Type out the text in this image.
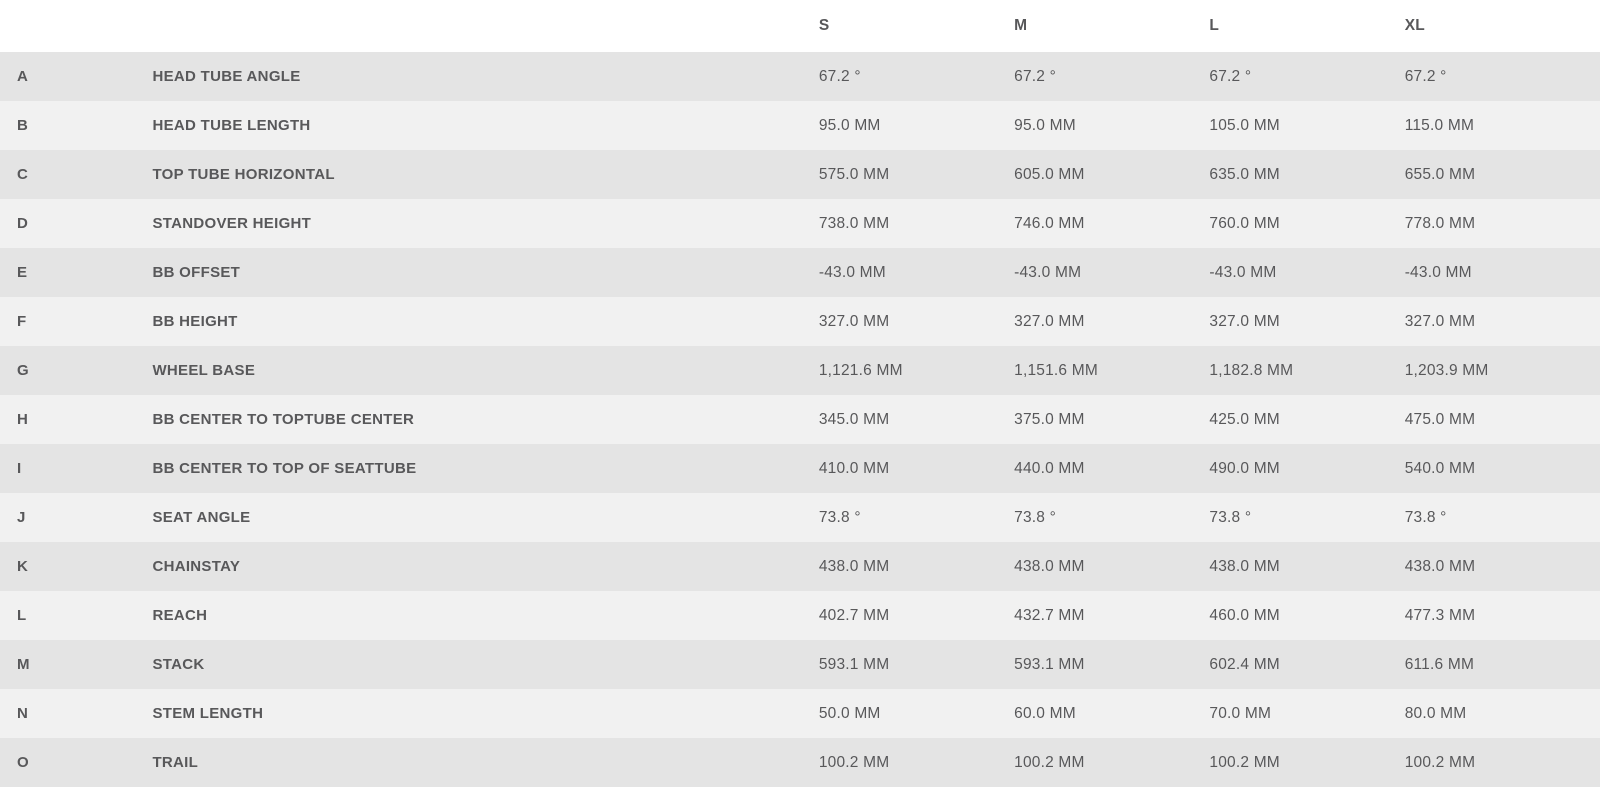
		S	M	L	XL
A	HEAD TUBE ANGLE	67.2 °	67.2 °	67.2 °	67.2 °
B	HEAD TUBE LENGTH	95.0 MM	95.0 MM	105.0 MM	115.0 MM
C	TOP TUBE HORIZONTAL	575.0 MM	605.0 MM	635.0 MM	655.0 MM
D	STANDOVER HEIGHT	738.0 MM	746.0 MM	760.0 MM	778.0 MM
E	BB OFFSET	-43.0 MM	-43.0 MM	-43.0 MM	-43.0 MM
F	BB HEIGHT	327.0 MM	327.0 MM	327.0 MM	327.0 MM
G	WHEEL BASE	1,121.6 MM	1,151.6 MM	1,182.8 MM	1,203.9 MM
H	BB CENTER TO TOPTUBE CENTER	345.0 MM	375.0 MM	425.0 MM	475.0 MM
I	BB CENTER TO TOP OF SEATTUBE	410.0 MM	440.0 MM	490.0 MM	540.0 MM
J	SEAT ANGLE	73.8 °	73.8 °	73.8 °	73.8 °
K	CHAINSTAY	438.0 MM	438.0 MM	438.0 MM	438.0 MM
L	REACH	402.7 MM	432.7 MM	460.0 MM	477.3 MM
M	STACK	593.1 MM	593.1 MM	602.4 MM	611.6 MM
N	STEM LENGTH	50.0 MM	60.0 MM	70.0 MM	80.0 MM
O	TRAIL	100.2 MM	100.2 MM	100.2 MM	100.2 MM
